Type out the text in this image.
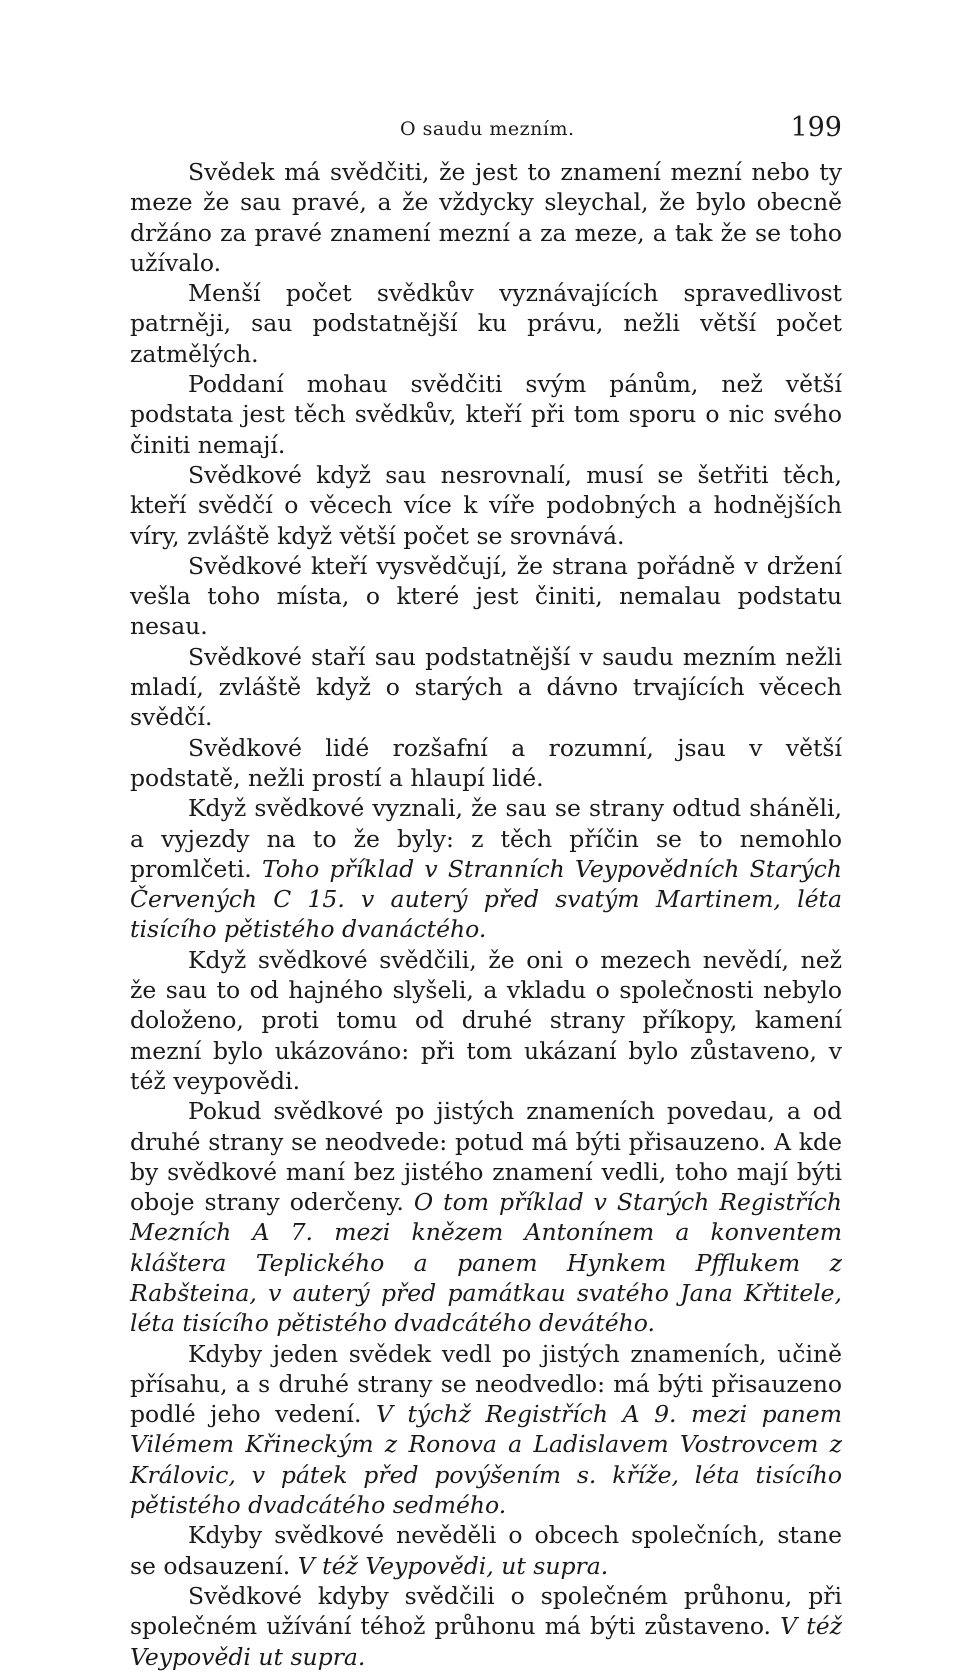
O saudu mezním.	199

Svědek má svědčiti, že jest to znamení mezní nebo ty meze že sau pravé, a že vždycky sleychal, že bylo obecně držáno za pravé znamení mezní a za meze, a tak že se toho užívalo.

Menší počet svědkův vyznávajících spravedlivost patrněji, sau podstatnější ku právu, nežli větší počet zatmělých.

Poddaní mohau svědčiti svým pánům, než větší podstata jest těch svědkův, kteří při tom sporu o nic svého činiti nemají.

Svědkové když sau nesrovnalí, musí se šetřiti těch, kteří svědčí o věcech více k víře podobných a hodnějších víry, zvláště když větší počet se srovnává.

Svědkové kteří vysvědčují, že strana pořádně v držení vešla toho místa, o které jest činiti, nemalau podstatu nesau.

Svědkové staří sau podstatnější v saudu mezním nežli mladí, zvláště když o starých a dávno trvajících věcech svědčí.

Svědkové lidé rozšafní a rozumní, jsau v větší podstatě, nežli prostí a hlaupí lidé.

Když svědkové vyznali, že sau se strany odtud sháněli, a vyjezdy na to že byly: z těch příčin se to nemohlo promlčeti. Toho příklad v Stranních Veypovědních Starých Červených C 15. v auterý před svatým Martinem, léta tisícího pětistého dvanáctého.

Když svědkové svědčili, že oni o mezech nevědí, než že sau to od hajného slyšeli, a vkladu o společnosti nebylo doloženo, proti tomu od druhé strany příkopy, kamení mezní bylo ukázováno: při tom ukázaní bylo zůstaveno, v též veypovědi.

Pokud svědkové po jistých znameních povedau, a od druhé strany se neodvede: potud má býti přisauzeno. A kde by svědkové maní bez jistého znamení vedli, toho mají býti oboje strany oderčeny. O tom příklad v Starých Registřích Mezních A 7. mezi knězem Antonínem a konventem kláštera Teplického a panem Hynkem Pfflukem z Rabšteina, v auterý před památkau svatého Jana Křtitele, léta tisícího pětistého dvadcátého devátého.

Kdyby jeden svědek vedl po jistých znameních, učině přísahu, a s druhé strany se neodvedlo: má býti přisauzeno podlé jeho vedení. V týchž Registřích A 9. mezi panem Vilémem Křineckým z Ronova a Ladislavem Vostrovcem z Královic, v pátek před povýšením s. kříže, léta tisícího pětistého dvadcátého sedmého.

Kdyby svědkové nevěděli o obcech společních, stane se odsauzení. V též Veypovědi, ut supra.

Svědkové kdyby svědčili o společném průhonu, při společném užívání téhož průhonu má býti zůstaveno. V též Veypovědi ut supra.
